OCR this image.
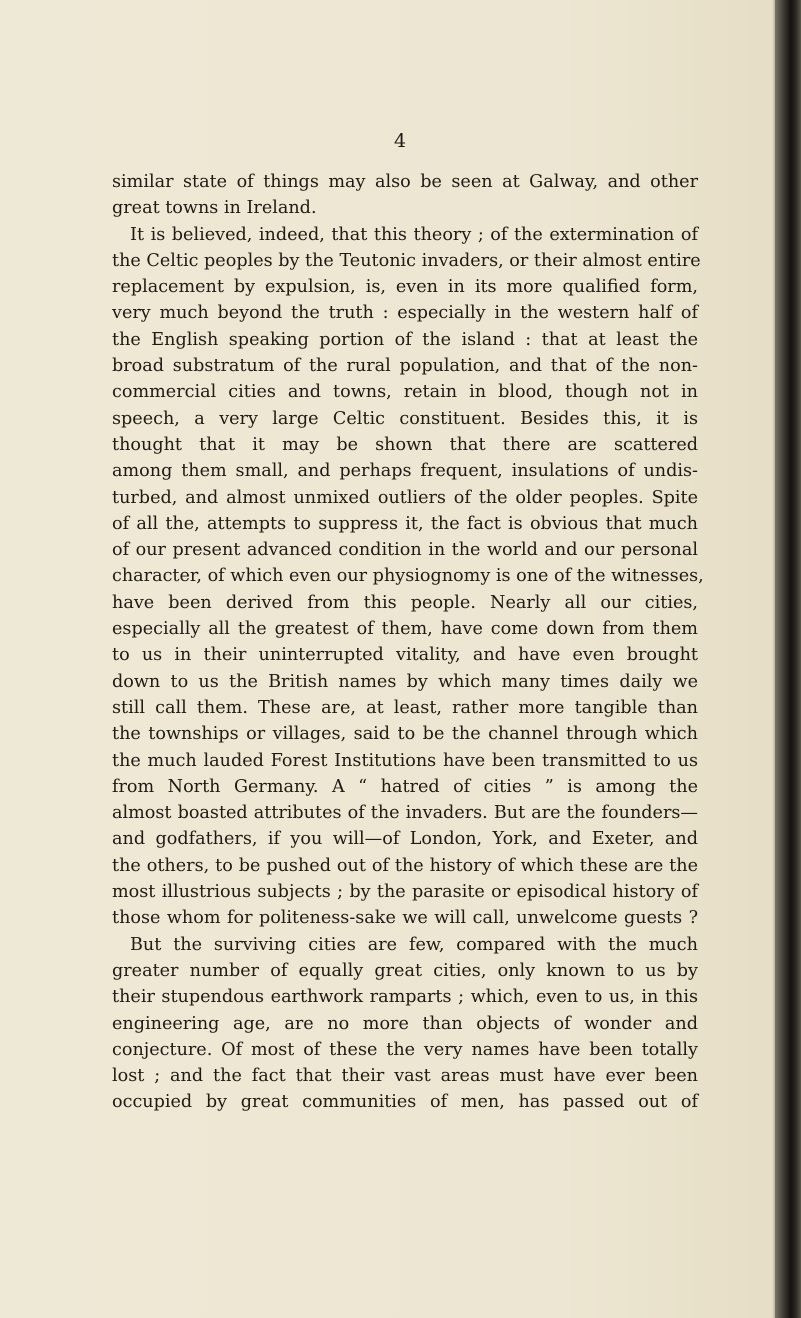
4
similar state of things may also be seen at Galway, and other
great towns in Ireland.
It is believed, indeed, that this theory ; of the extermination of
the Celtic peoples by the Teutonic invaders, or their almost entire
replacement by expulsion, is, even in its more qualified form,
very much beyond the truth : especially in the western half of
the English speaking portion of the island : that at least the
broad substratum of the rural population, and that of the non-
commercial cities and towns, retain in blood, though not in
speech, a very large Celtic constituent. Besides this, it is
thought that it may be shown that there are scattered
among them small, and perhaps frequent, insulations of undis-
turbed, and almost unmixed outliers of the older peoples. Spite
of all the, attempts to suppress it, the fact is obvious that much
of our present advanced condition in the world and our personal
character, of which even our physiognomy is one of the witnesses,
have been derived from this people. Nearly all our cities,
especially all the greatest of them, have come down from them
to us in their uninterrupted vitality, and have even brought
down to us the British names by which many times daily we
still call them. These are, at least, rather more tangible than
the townships or villages, said to be the channel through which
the much lauded Forest Institutions have been transmitted to us
from North Germany. A “ hatred of cities ” is among the
almost boasted attributes of the invaders. But are the founders—
and godfathers, if you will—of London, York, and Exeter, and
the others, to be pushed out of the history of which these are the
most illustrious subjects ; by the parasite or episodical history of
those whom for politeness-sake we will call, unwelcome guests ?
But the surviving cities are few, compared with the much
greater number of equally great cities, only known to us by
their stupendous earthwork ramparts ; which, even to us, in this
engineering age, are no more than objects of wonder and
conjecture. Of most of these the very names have been totally
lost ; and the fact that their vast areas must have ever been
occupied by great communities of men, has passed out of
